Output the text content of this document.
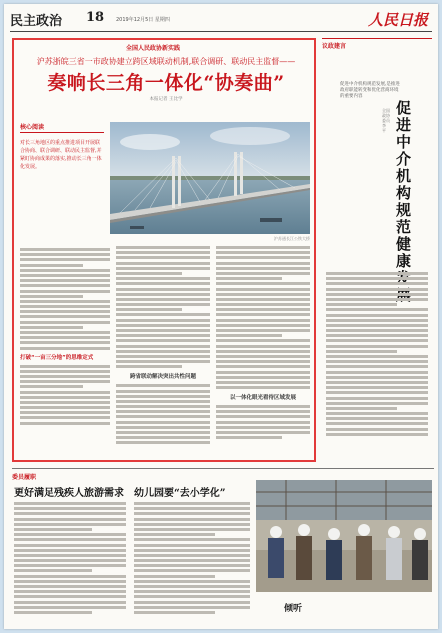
民主政治 18 2019年12月5日 星期四	人民日报
全国人民政协新实践
沪苏浙皖三省一市政协建立跨区域联动机制,联合调研、联动民主监督——
奏响长三角一体化“协奏曲”
本报记者 王比学
核心阅读
对长三角地区的重点推进项目开展联合协商、联合调研、联动民主监督,并紧盯协商成果的落实,推动长三角一体化发展。
沪苏通长江公铁大桥
打破“一亩三分地”的思维定式
跨省联动解决突出共性问题
以一体化眼光看待区域发展
议政建言
促进中介机构规范发展,是推进政府职能转变和优化营商环境的重要内容
全国政协委员 李 平
促进中介机构规范健康发
委员履职
更好满足残疾人旅游需求 幼儿园要“去小学化”
倾听
